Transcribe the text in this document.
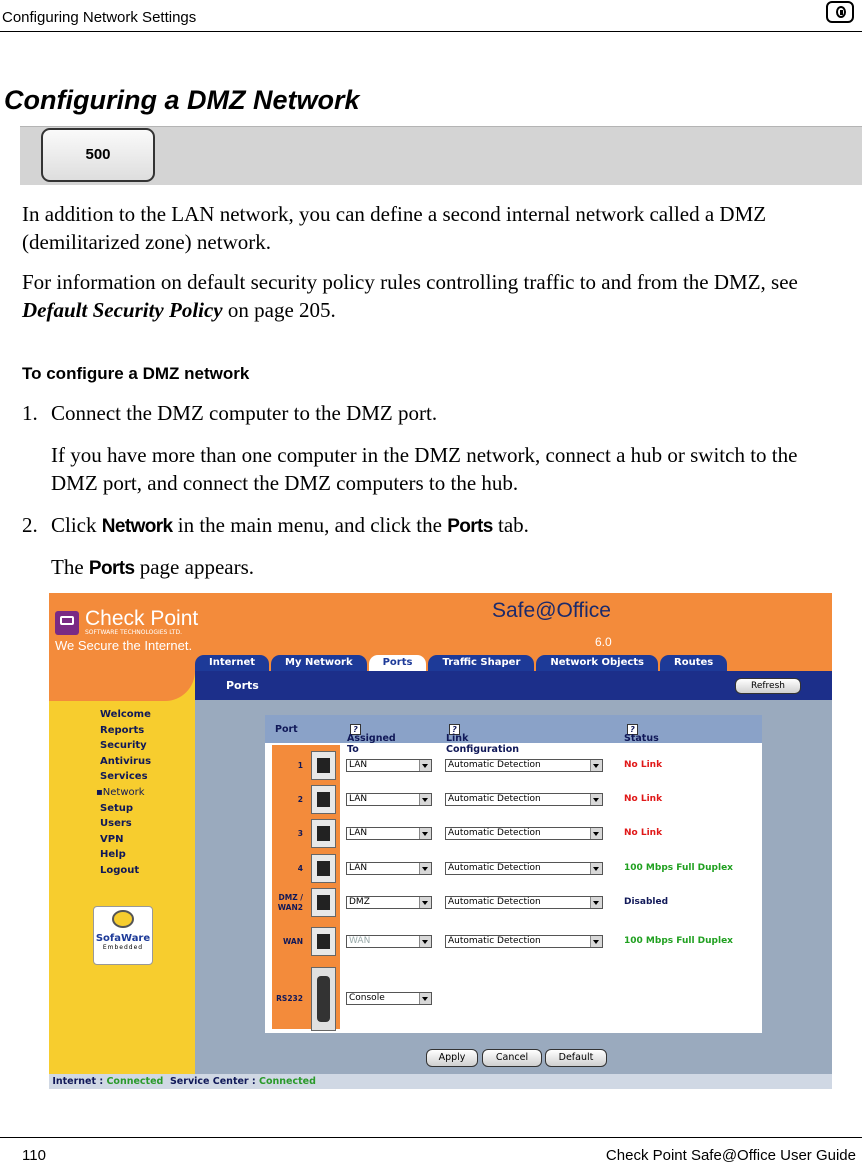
Configuring Network Settings
Configuring a DMZ Network
500
In addition to the LAN network, you can define a second internal network called a DMZ (demilitarized zone) network.
For information on default security policy rules controlling traffic to and from the DMZ, see Default Security Policy on page 205.
To configure a DMZ network
1. Connect the DMZ computer to the DMZ port.
If you have more than one computer in the DMZ network, connect a hub or switch to the DMZ port, and connect the DMZ computers to the hub.
2. Click Network in the main menu, and click the Ports tab.
The Ports page appears.
Check Point
SOFTWARE TECHNOLOGIES LTD.
We Secure the Internet.
Safe@Office
6.0
Internet	My Network	Ports	Traffic Shaper	Network Objects	Routes
Welcome
Reports
Security
Antivirus
Services
▪Network
Setup
Users
VPN
Help
Logout
SofaWare
Embedded
Ports	Refresh
Port
Assigned To
?
Link Configuration
?
Status
?
1	LAN	Automatic Detection	No Link
2	LAN	Automatic Detection	No Link
3	LAN	Automatic Detection	No Link
4	LAN	Automatic Detection	100 Mbps Full Duplex
DMZ /
WAN2
DMZ	Automatic Detection	Disabled
WAN	WAN	Automatic Detection	100 Mbps Full Duplex
RS232	Console
Apply	Cancel	Default
Internet : Connected Service Center : Connected
110	Check Point Safe@Office User Guide
